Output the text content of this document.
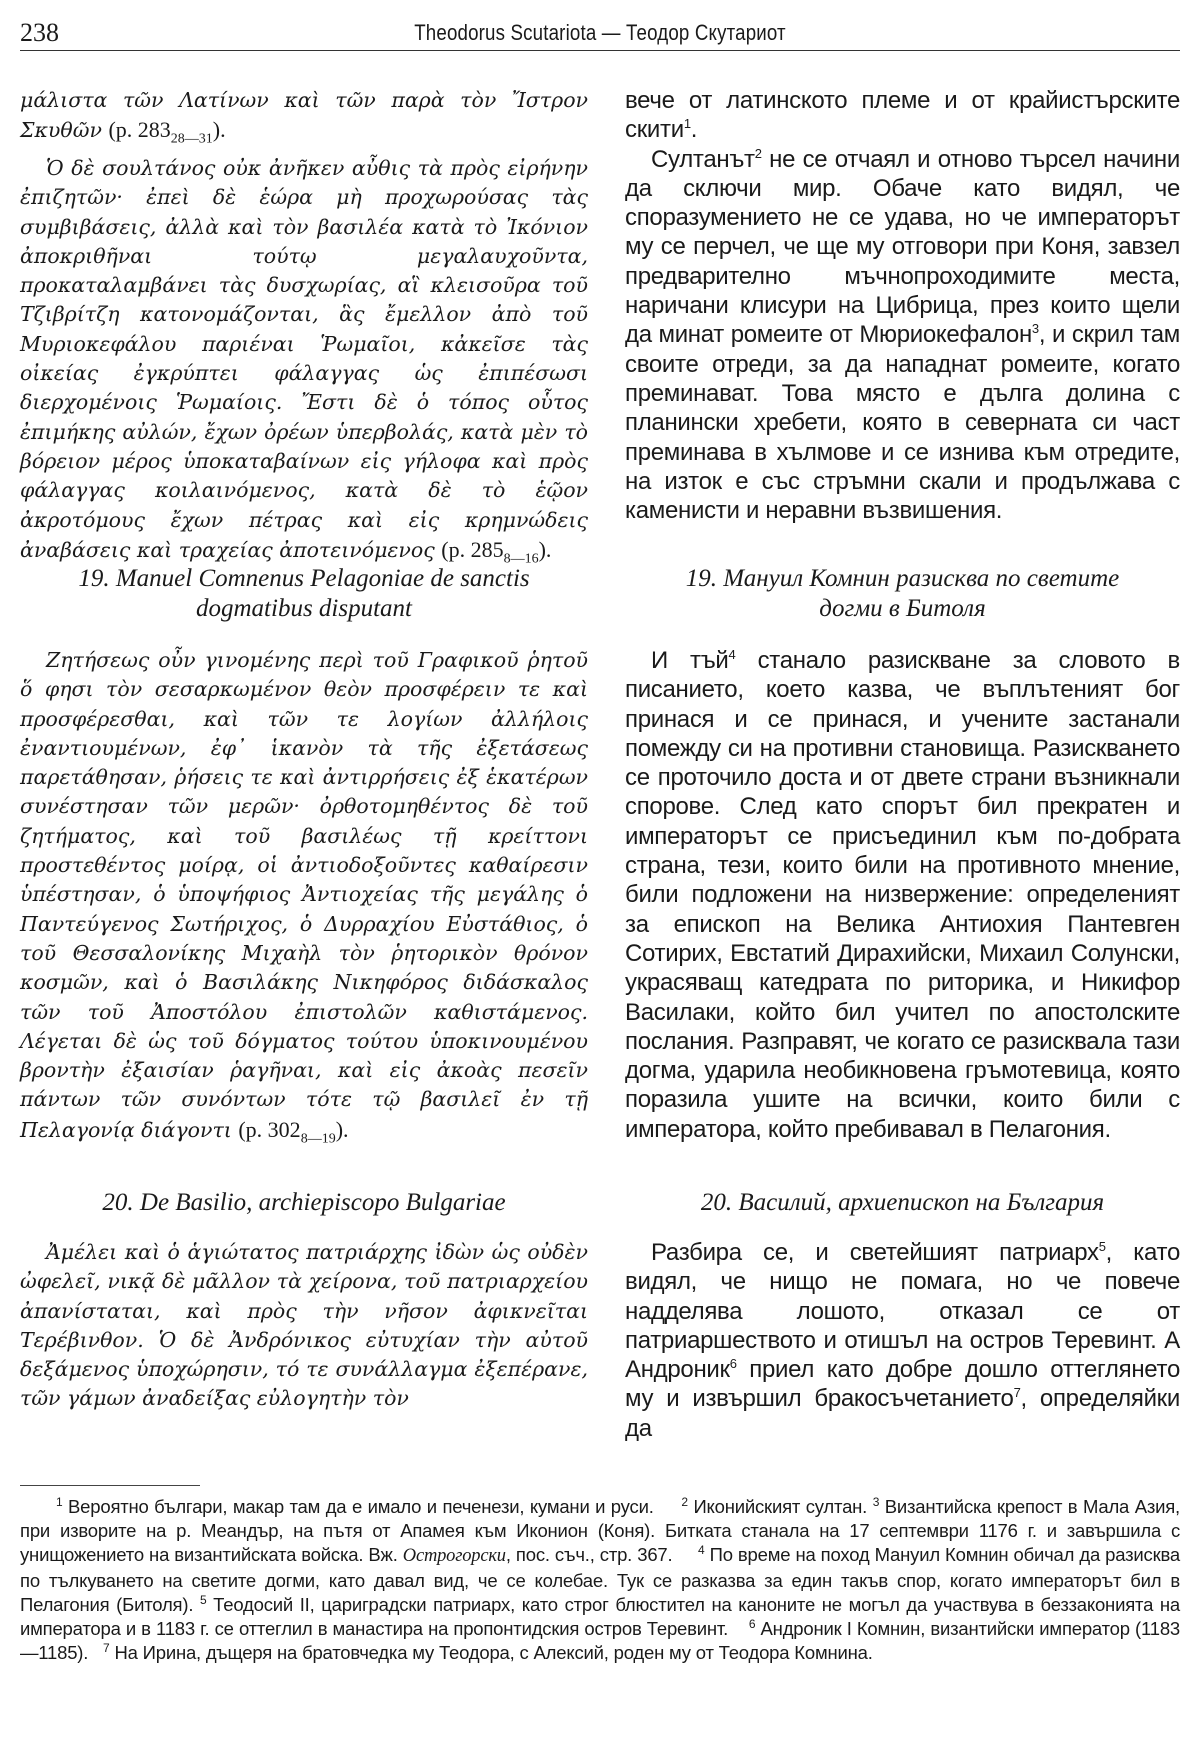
238	Theodorus Scutariota — Теодор Скутариот

μάλιστα τῶν Λατίνων καὶ τῶν παρὰ τὸν Ἴστρον Σκυθῶν (p. $283_{28—31}$).

Ὁ δὲ σουλτάνος οὐκ ἀνῆκεν αὖθις τὰ πρὸς εἰρήνην ἐπιζητῶν· ἐπεὶ δὲ ἑώρα μὴ προχωρούσας τὰς συμβιβάσεις, ἀλλὰ καὶ τὸν βασιλέα κατὰ τὸ Ἰκόνιον ἀποκριθῆναι τούτῳ μεγαλαυχοῦντα, προκαταλαμβάνει τὰς δυσχωρίας, αἳ κλεισοῦρα τοῦ Τζιβρίτζη κατονομάζονται, ἃς ἔμελλον ἀπὸ τοῦ Μυριοκεφάλου παριέναι Ῥωμαῖοι, κἀκεῖσε τὰς οἰκείας ἐγκρύπτει φάλαγγας ὡς ἐπιπέσωσι διερχομένοις Ῥωμαίοις. Ἔστι δὲ ὁ τόπος οὗτος ἐπιμήκης αὐλών, ἔχων ὀρέων ὑπερβολάς, κατὰ μὲν τὸ βόρειον μέρος ὑποκαταβαίνων εἰς γήλοφα καὶ πρὸς φάλαγγας κοιλαινόμενος, κατὰ δὲ τὸ ἑῷον ἀκροτόμους ἔχων πέτρας καὶ εἰς κρημνώδεις ἀναβάσεις καὶ τραχείας ἀποτεινόμενος (p. $285_{8—16}$).

19. Manuel Comnenus Pelagoniae de sanctis
dogmatibus disputant

Ζητήσεως οὖν γινομένης περὶ τοῦ Γραφικοῦ ῥητοῦ ὅ φησι τὸν σεσαρκωμένον θεὸν προσφέρειν τε καὶ προσφέρεσθαι, καὶ τῶν τε λογίων ἀλλήλοις ἐναντιουμένων, ἐφ᾽ ἱκανὸν τὰ τῆς ἐξετάσεως παρετάθησαν, ῥήσεις τε καὶ ἀντιρρήσεις ἐξ ἑκατέρων συνέστησαν τῶν μερῶν· ὀρθοτομηθέντος δὲ τοῦ ζητήματος, καὶ τοῦ βασιλέως τῇ κρείττονι προστεθέντος μοίρᾳ, οἱ ἀντιοδοξοῦντες καθαίρεσιν ὑπέστησαν, ὁ ὑποψήφιος Ἀντιοχείας τῆς μεγάλης ὁ Παντεύγενος Σωτήριχος, ὁ Δυρραχίου Εὐστάθιος, ὁ τοῦ Θεσσαλονίκης Μιχαὴλ τὸν ῥητορικὸν θρόνον κοσμῶν, καὶ ὁ Βασιλάκης Νικηφόρος διδάσκαλος τῶν τοῦ Ἀποστόλου ἐπιστολῶν καθιστάμενος. Λέγεται δὲ ὡς τοῦ δόγματος τούτου ὑποκινουμένου βροντὴν ἐξαισίαν ῥαγῆναι, καὶ εἰς ἀκοὰς πεσεῖν πάντων τῶν συνόντων τότε τῷ βασιλεῖ ἐν τῇ Πελαγονίᾳ διάγοντι (p. $302_{8—19}$).

20. De Basilio, archiepiscopo Bulgariae

Ἀμέλει καὶ ὁ ἁγιώτατος πατριάρχης ἰδὼν ὡς οὐδὲν ὠφελεῖ, νικᾷ δὲ μᾶλλον τὰ χείρονα, τοῦ πατριαρχείου ἀπανίσταται, καὶ πρὸς τὴν νῆσον ἀφικνεῖται Τερέβινθον. Ὁ δὲ Ἀνδρόνικος εὐτυχίαν τὴν αὐτοῦ δεξάμενος ὑποχώρησιν, τό τε συνάλλαγμα ἐξεπέρανε, τῶν γάμων ἀναδείξας εὐλογητὴν τὸν

вече от латинското племе и от крайистърските скити$^1$.

Султанът$^2$ не се отчаял и отново търсел начини да сключи мир. Обаче като видял, че споразумението не се удава, но че императорът му се перчел, че ще му отговори при Коня, завзел предварително мъчнопроходимите места, наричани клисури на Цибрица, през които щели да минат ромеите от Мюриокефалон$^3$, и скрил там своите отреди, за да нападнат ромеите, когато преминават. Това място е дълга долина с планински хребети, която в северната си част преминава в хълмове и се изнива към отредите, на изток е със стръмни скали и продължава с каменисти и неравни възвишения.

19. Мануил Комнин разисква по светите
догми в Битоля

И тъй$^4$ станало разискване за словото в писанието, което казва, че въплътеният бог принася и се принася, и учените застанали помежду си на противни становища. Разискването се проточило доста и от двете страни възникнали спорове. След като спорът бил прекратен и императорът се присъединил към по-добрата страна, тези, които били на противното мнение, били подложени на низвержение: определеният за епископ на Велика Антиохия Пантевген Сотирих, Евстатий Дирахийски, Михаил Солунски, украсяващ катедрата по риторика, и Никифор Василаки, който бил учител по апостолските послания. Разправят, че когато се разисквала тази догма, ударила необикновена гръмотевица, която поразила ушите на всички, които били с императора, който пребивавал в Пелагония.

20. Василий, архиепископ на България

Разбира се, и светейшият патриарх$^5$, като видял, че нищо не помага, но че повече надделява лошото, отказал се от патриаршеството и отишъл на остров Теревинт. А Андроник$^6$ приел като добре дошло оттеглянето му и извършил бракосъчетанието$^7$, определяйки да

$^1$ Вероятно българи, макар там да е имало и печенези, кумани и руси. $^2$ Иконийският султан. $^3$ Византийска крепост в Мала Азия, при изворите на р. Меандър, на пътя от Апамея към Иконион (Коня). Битката станала на 17 септември 1176 г. и завършила с унищожението на византийската войска. Вж. Острогорски, пос. съч., стр. 367. $^4$ По време на поход Мануил Комнин обичал да разисква по тълкуването на светите догми, като давал вид, че се колебае. Тук се разказва за един такъв спор, когато императорът бил в Пелагония (Битоля). $^5$ Теодосий II, цариградски патриарх, като строг блюстител на каноните не могъл да участвува в беззаконията на императора и в 1183 г. се оттеглил в манастира на пропонтидския остров Теревинт. $^6$ Андроник I Комнин, византийски император (1183—1185). $^7$ На Ирина, дъщеря на братовчедка му Теодора, с Алексий, роден му от Теодора Комнина.
